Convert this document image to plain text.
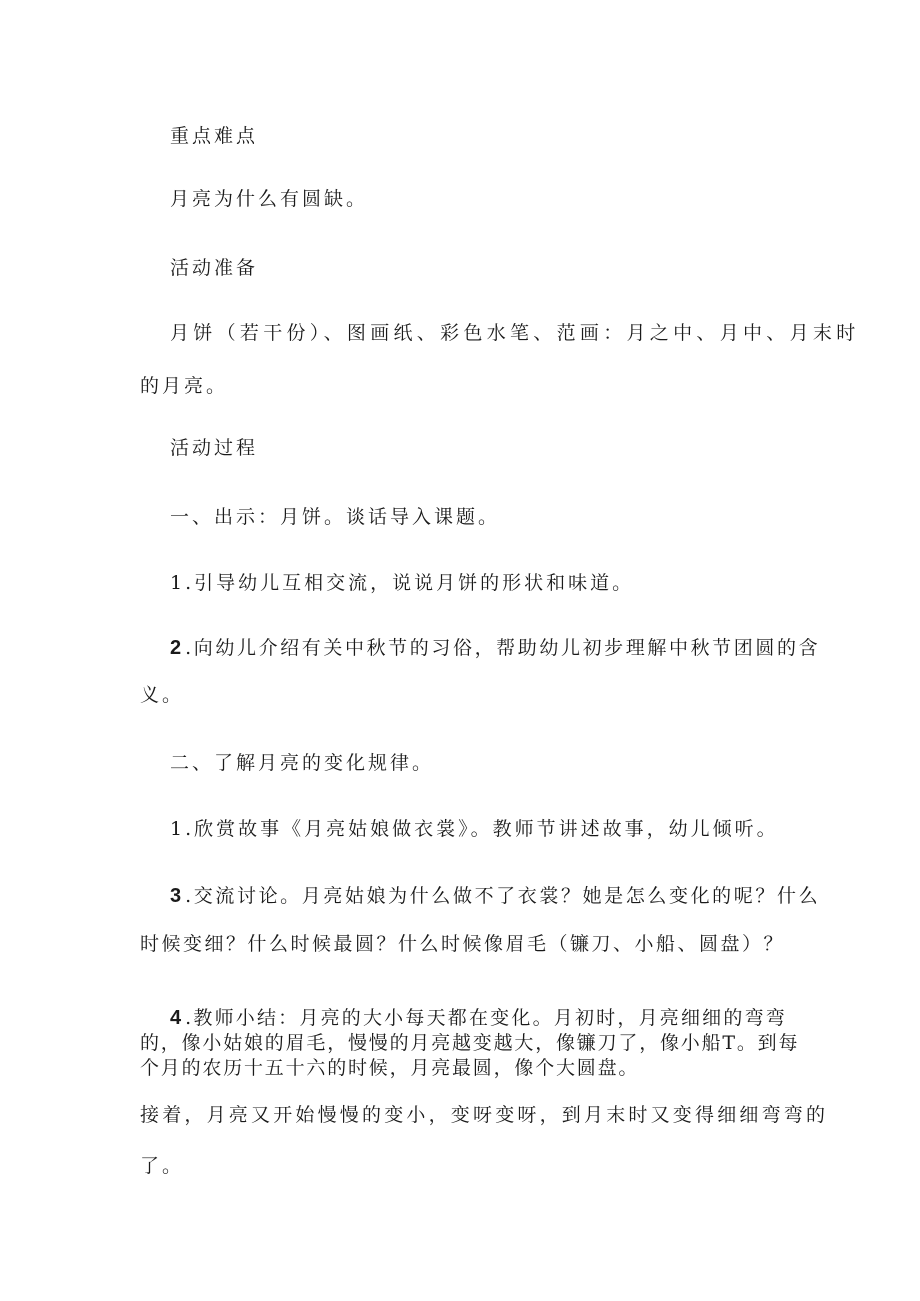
重点难点
月亮为什么有圆缺。
活动准备
月饼（若干份）、图画纸、彩色水笔、范画：月之中、月中、月末时
的月亮。
活动过程
一、出示：月饼。谈话导入课题。
1.引导幼儿互相交流，说说月饼的形状和味道。
2 .向幼儿介绍有关中秋节的习俗，帮助幼儿初步理解中秋节团圆的含
义。
二、了解月亮的变化规律。
1.欣赏故事《月亮姑娘做衣裳》。教师节讲述故事，幼儿倾听。
3 .交流讨论。月亮姑娘为什么做不了衣裳？她是怎么变化的呢？什么
时候变细？什么时候最圆？什么时候像眉毛（镰刀、小船、圆盘）？
4 .教师小结：月亮的大小每天都在变化。月初时，月亮细细的弯弯
的，像小姑娘的眉毛，慢慢的月亮越变越大，像镰刀了，像小船T。到每
个月的农历十五十六的时候，月亮最圆，像个大圆盘。
接着，月亮又开始慢慢的变小，变呀变呀，到月末时又变得细细弯弯的
了。
